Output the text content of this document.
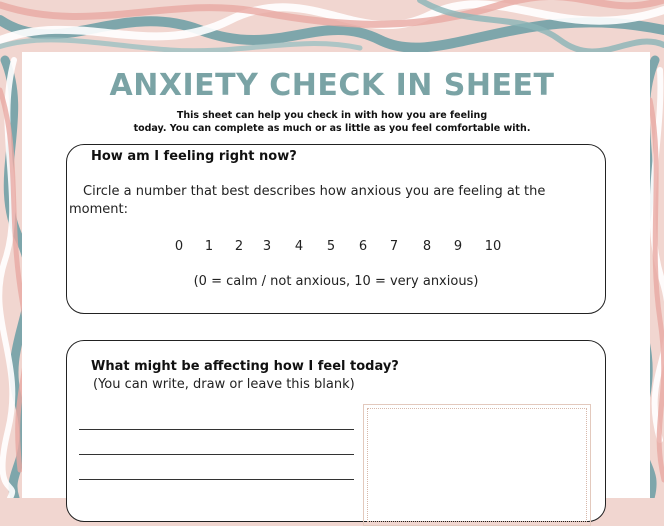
ANXIETY CHECK IN SHEET
This sheet can help you check in with how you are feeling
today. You can complete as much or as little as you feel comfortable with.
How am I feeling right now?
Circle a number that best describes how anxious you are feeling at the moment:
0 1 2 3 4 5 6 7 8 9 10
(0 = calm / not anxious, 10 = very anxious)
What might be affecting how I feel today?
(You can write, draw or leave this blank)
